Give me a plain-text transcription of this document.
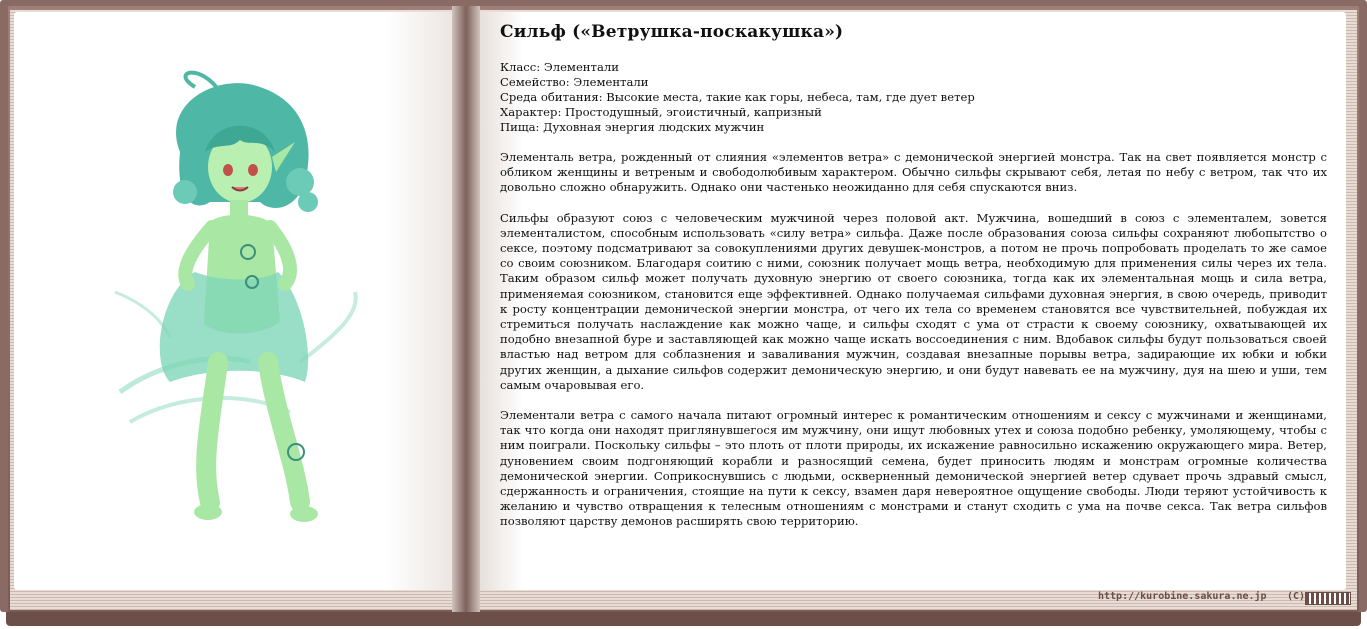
Сильф («Ветрушка-поскакушка»)
Класс: Элементали
Семейство: Элементали
Среда обитания: Высокие места, такие как горы, небеса, там, где дует ветер
Характер: Простодушный, эгоистичный, капризный
Пища: Духовная энергия людских мужчин

Элементаль ветра, рожденный от слияния «элементов ветра» с демонической энергией монстра. Так на свет появляется монстр с обликом женщины и ветреным и свободолюбивым характером. Обычно сильфы скрывают себя, летая по небу с ветром, так что их довольно сложно обнаружить. Однако они частенько неожиданно для себя спускаются вниз.

Сильфы образуют союз с человеческим мужчиной через половой акт. Мужчина, вошедший в союз с элементалем, зовется элементалистом, способным использовать «силу ветра» сильфа. Даже после образования союза сильфы сохраняют любопытство о сексе, поэтому подсматривают за совокуплениями других девушек-монстров, а потом не прочь попробовать проделать то же самое со своим союзником. Благодаря соитию с ними, союзник получает мощь ветра, необходимую для применения силы через их тела. Таким образом сильф может получать духовную энергию от своего союзника, тогда как их элементальная мощь и сила ветра, применяемая союзником, становится еще эффективней. Однако получаемая сильфами духовная энергия, в свою очередь, приводит к росту концентрации демонической энергии монстра, от чего их тела со временем становятся все чувствительней, побуждая их стремиться получать наслаждение как можно чаще, и сильфы сходят с ума от страсти к своему союзнику, охватывающей их подобно внезапной буре и заставляющей как можно чаще искать воссоединения с ним. Вдобавок сильфы будут пользоваться своей властью над ветром для соблазнения и заваливания мужчин, создавая внезапные порывы ветра, задирающие их юбки и юбки других женщин, а дыхание сильфов содержит демоническую энергию, и они будут навевать ее на мужчину, дуя на шею и уши, тем самым очаровывая его.

Элементали ветра с самого начала питают огромный интерес к романтическим отношениям и сексу с мужчинами и женщинами, так что когда они находят приглянувшегося им мужчину, они ищут любовных утех и союза подобно ребенку, умоляющему, чтобы с ним поиграли. Поскольку сильфы – это плоть от плоти природы, их искажение равносильно искажению окружающего мира. Ветер, дуновением своим подгоняющий корабли и разносящий семена, будет приносить людям и монстрам огромные количества демонической энергии. Соприкоснувшись с людьми, оскверненный демонической энергией ветер сдувает прочь здравый смысл, сдержанность и ограничения, стоящие на пути к сексу, взамен даря невероятное ощущение свободы. Люди теряют устойчивость к желанию и чувство отвращения к телесным отношениям с монстрами и станут сходить с ума на почве секса. Так ветра сильфов позволяют царству демонов расширять свою территорию.

http://kurobine.sakura.ne.jp (C)
